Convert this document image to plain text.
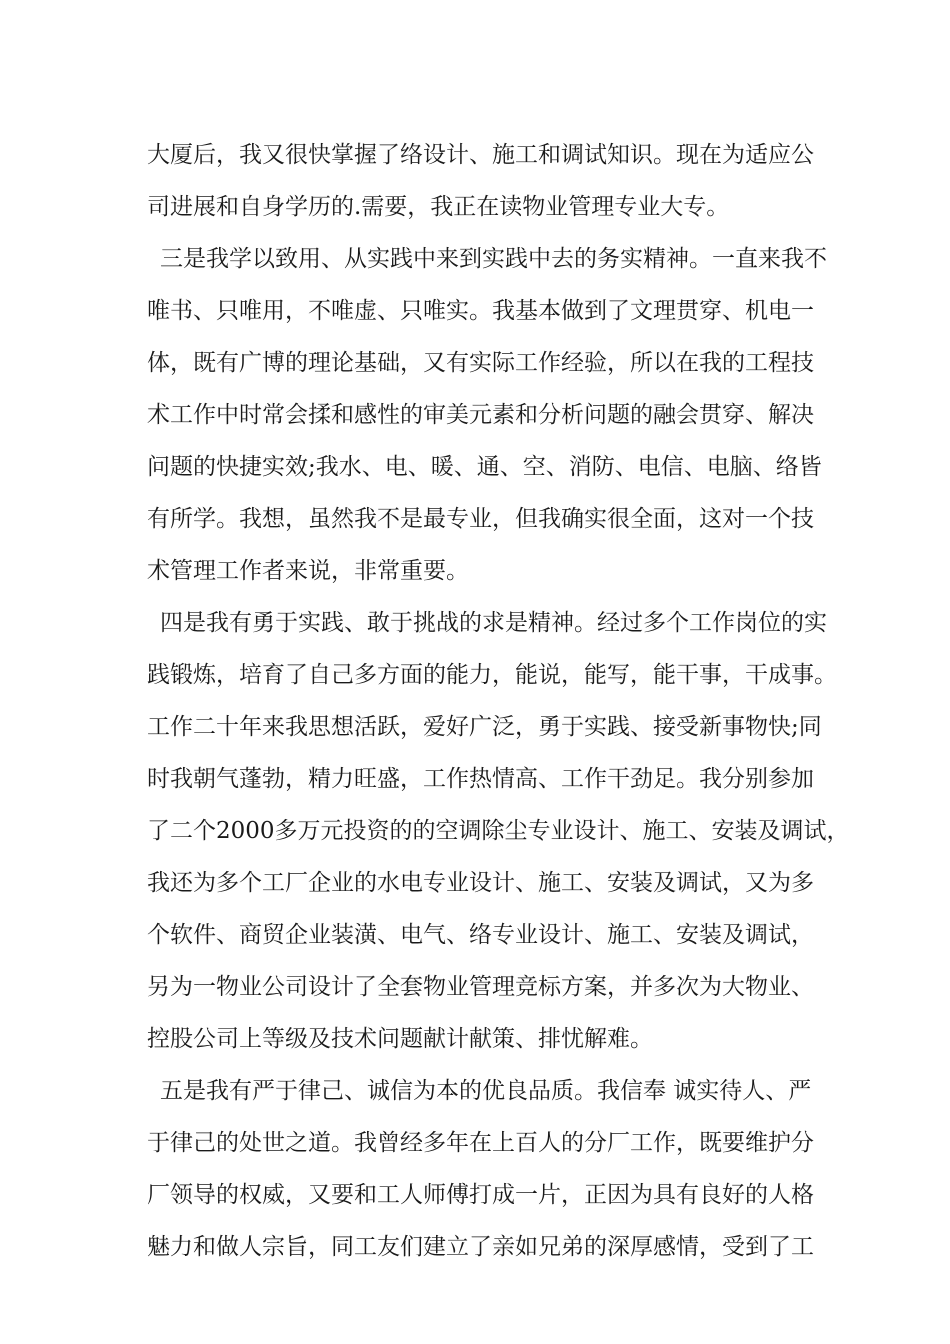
大厦后，我又很快掌握了络设计、施工和调试知识。现在为适应公
司进展和自身学历的.需要，我正在读物业管理专业大专。
三是我学以致用、从实践中来到实践中去的务实精神。一直来我不
唯书、只唯用，不唯虚、只唯实。我基本做到了文理贯穿、机电一
体，既有广博的理论基础，又有实际工作经验，所以在我的工程技
术工作中时常会揉和感性的审美元素和分析问题的融会贯穿、解决
问题的快捷实效;我水、电、暖、通、空、消防、电信、电脑、络皆
有所学。我想，虽然我不是最专业，但我确实很全面，这对一个技
术管理工作者来说，非常重要。
四是我有勇于实践、敢于挑战的求是精神。经过多个工作岗位的实
践锻炼，培育了自己多方面的能力，能说，能写，能干事，干成事。
工作二十年来我思想活跃，爱好广泛，勇于实践、接受新事物快;同
时我朝气蓬勃，精力旺盛，工作热情高、工作干劲足。我分别参加
了二个2000多万元投资的的空调除尘专业设计、施工、安装及调试，
我还为多个工厂企业的水电专业设计、施工、安装及调试，又为多
个软件、商贸企业装潢、电气、络专业设计、施工、安装及调试，
另为一物业公司设计了全套物业管理竞标方案，并多次为大物业、
控股公司上等级及技术问题献计献策、排忧解难。
五是我有严于律己、诚信为本的优良品质。我信奉 诚实待人、严
于律己的处世之道。我曾经多年在上百人的分厂工作，既要维护分
厂领导的权威，又要和工人师傅打成一片，正因为具有良好的人格
魅力和做人宗旨，同工友们建立了亲如兄弟的深厚感情，受到了工
